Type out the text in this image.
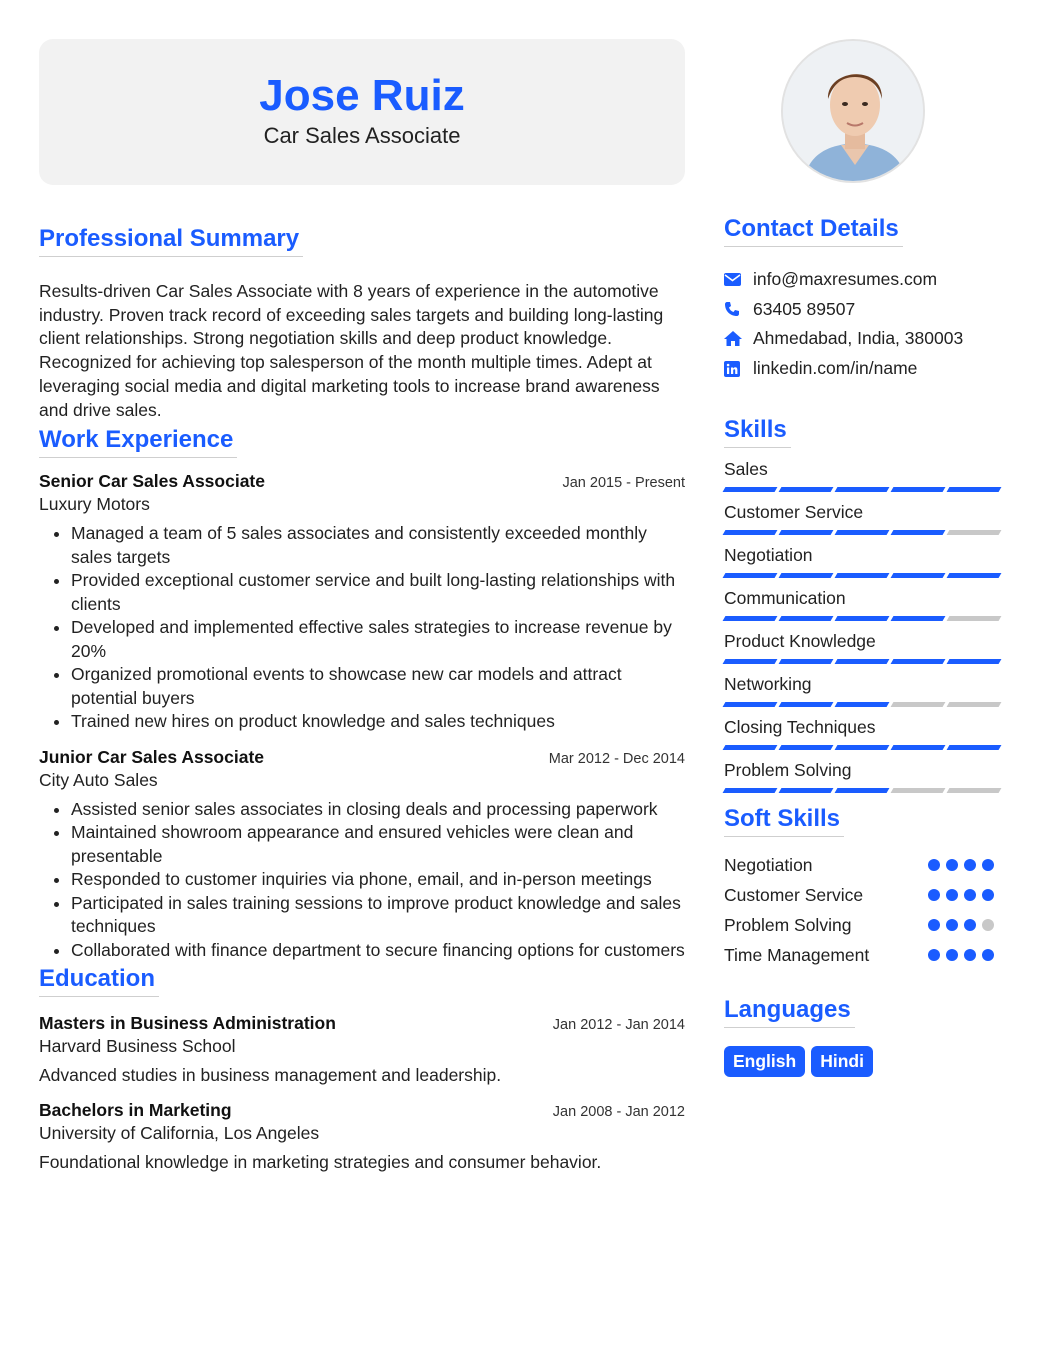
Jose Ruiz
Car Sales Associate
Professional Summary
Results-driven Car Sales Associate with 8 years of experience in the automotive industry. Proven track record of exceeding sales targets and building long-lasting client relationships. Strong negotiation skills and deep product knowledge. Recognized for achieving top salesperson of the month multiple times. Adept at leveraging social media and digital marketing tools to increase brand awareness and drive sales.
Work Experience
Senior Car Sales Associate	Jan 2015 - Present
Luxury Motors
• Managed a team of 5 sales associates and consistently exceeded monthly sales targets
• Provided exceptional customer service and built long-lasting relationships with clients
• Developed and implemented effective sales strategies to increase revenue by 20%
• Organized promotional events to showcase new car models and attract potential buyers
• Trained new hires on product knowledge and sales techniques
Junior Car Sales Associate	Mar 2012 - Dec 2014
City Auto Sales
• Assisted senior sales associates in closing deals and processing paperwork
• Maintained showroom appearance and ensured vehicles were clean and presentable
• Responded to customer inquiries via phone, email, and in-person meetings
• Participated in sales training sessions to improve product knowledge and sales techniques
• Collaborated with finance department to secure financing options for customers
Education
Masters in Business Administration	Jan 2012 - Jan 2014
Harvard Business School
Advanced studies in business management and leadership.
Bachelors in Marketing	Jan 2008 - Jan 2012
University of California, Los Angeles
Foundational knowledge in marketing strategies and consumer behavior.
Contact Details
info@maxresumes.com
63405 89507
Ahmedabad, India, 380003
linkedin.com/in/name
Skills
Sales
Customer Service
Negotiation
Communication
Product Knowledge
Networking
Closing Techniques
Problem Solving
Soft Skills
Negotiation
Customer Service
Problem Solving
Time Management
Languages
English	Hindi
